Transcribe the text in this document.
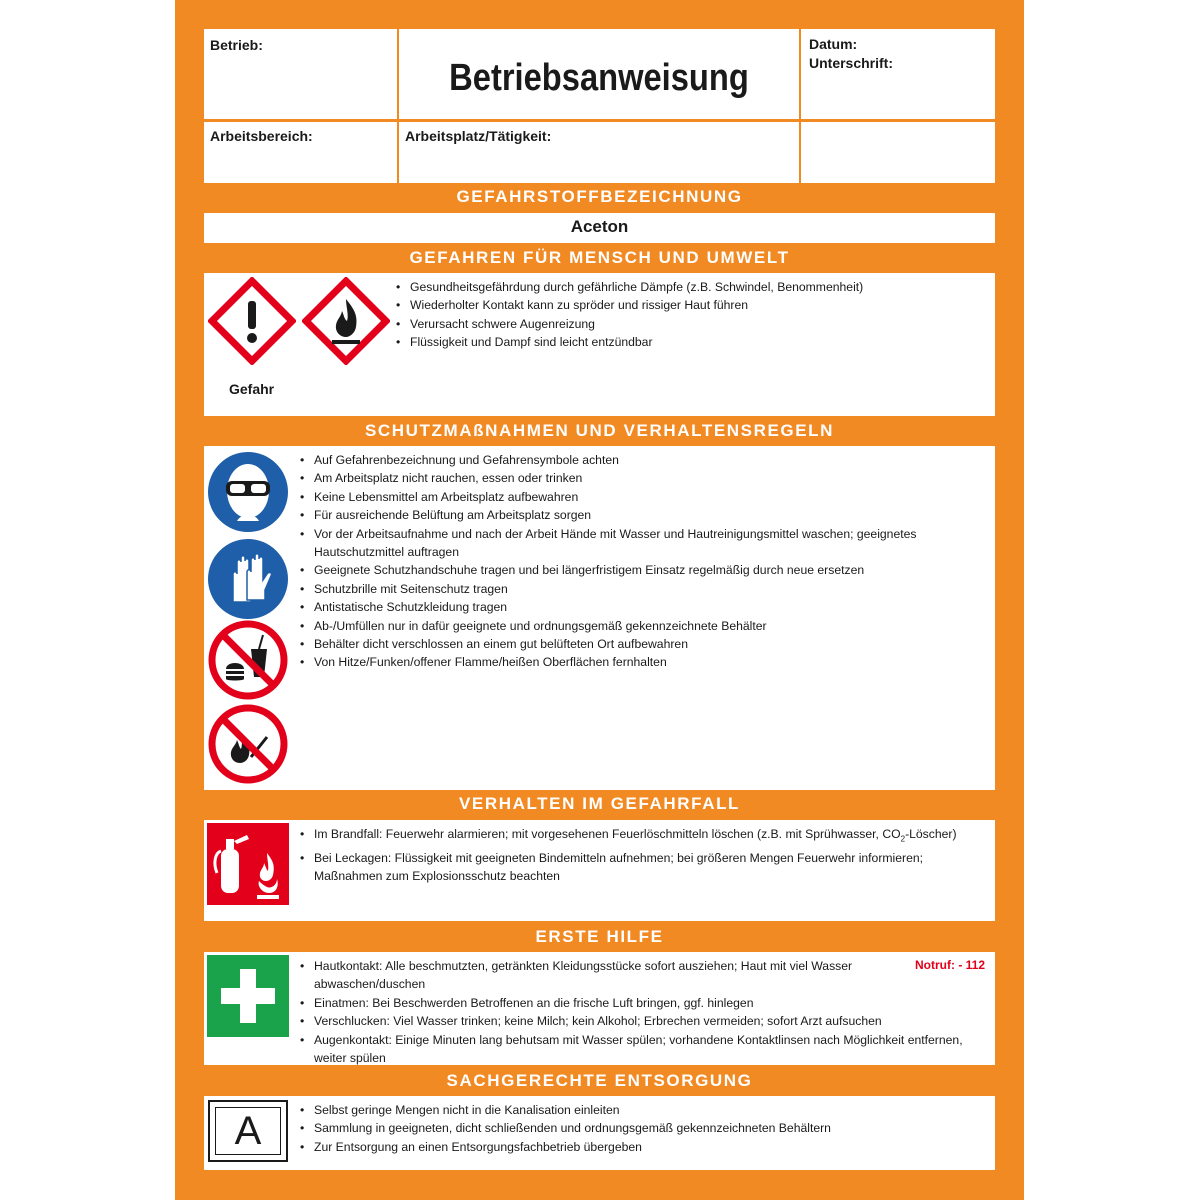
Betrieb:
Betriebsanweisung
Datum:
Unterschrift:
Arbeitsbereich:	Arbeitsplatz/Tätigkeit:
GEFAHRSTOFFBEZEICHNUNG
Aceton
GEFAHREN FÜR MENSCH UND UMWELT
Gefahr
• Gesundheitsgefährdung durch gefährliche Dämpfe (z.B. Schwindel, Benommenheit)
• Wiederholter Kontakt kann zu spröder und rissiger Haut führen
• Verursacht schwere Augenreizung
• Flüssigkeit und Dampf sind leicht entzündbar
SCHUTZMAßNAHMEN UND VERHALTENSREGELN
• Auf Gefahrenbezeichnung und Gefahrensymbole achten
• Am Arbeitsplatz nicht rauchen, essen oder trinken
• Keine Lebensmittel am Arbeitsplatz aufbewahren
• Für ausreichende Belüftung am Arbeitsplatz sorgen
• Vor der Arbeitsaufnahme und nach der Arbeit Hände mit Wasser und Hautreinigungsmittel waschen; geeignetes Hautschutzmittel auftragen
• Geeignete Schutzhandschuhe tragen und bei längerfristigem Einsatz regelmäßig durch neue ersetzen
• Schutzbrille mit Seitenschutz tragen
• Antistatische Schutzkleidung tragen
• Ab-/Umfüllen nur in dafür geeignete und ordnungsgemäß gekennzeichnete Behälter
• Behälter dicht verschlossen an einem gut belüfteten Ort aufbewahren
• Von Hitze/Funken/offener Flamme/heißen Oberflächen fernhalten
VERHALTEN IM GEFAHRFALL
• Im Brandfall: Feuerwehr alarmieren; mit vorgesehenen Feuerlöschmitteln löschen (z.B. mit Sprühwasser, $CO_2-Löscher$)
• Bei Leckagen: Flüssigkeit mit geeigneten Bindemitteln aufnehmen; bei größeren Mengen Feuerwehr informieren; Maßnahmen zum Explosionsschutz beachten
ERSTE HILFE
Notruf: - 112
• Hautkontakt: Alle beschmutzten, getränkten Kleidungsstücke sofort ausziehen; Haut mit viel Wasser abwaschen/duschen
• Einatmen: Bei Beschwerden Betroffenen an die frische Luft bringen, ggf. hinlegen
• Verschlucken: Viel Wasser trinken; keine Milch; kein Alkohol; Erbrechen vermeiden; sofort Arzt aufsuchen
• Augenkontakt: Einige Minuten lang behutsam mit Wasser spülen; vorhandene Kontaktlinsen nach Möglichkeit entfernen, weiter spülen
SACHGERECHTE ENTSORGUNG
A
•	Selbst geringe Mengen nicht in die Kanalisation einleiten
• Sammlung in geeigneten, dicht schließenden und ordnungsgemäß gekennzeichneten Behältern
• Zur Entsorgung an einen Entsorgungsfachbetrieb übergeben
